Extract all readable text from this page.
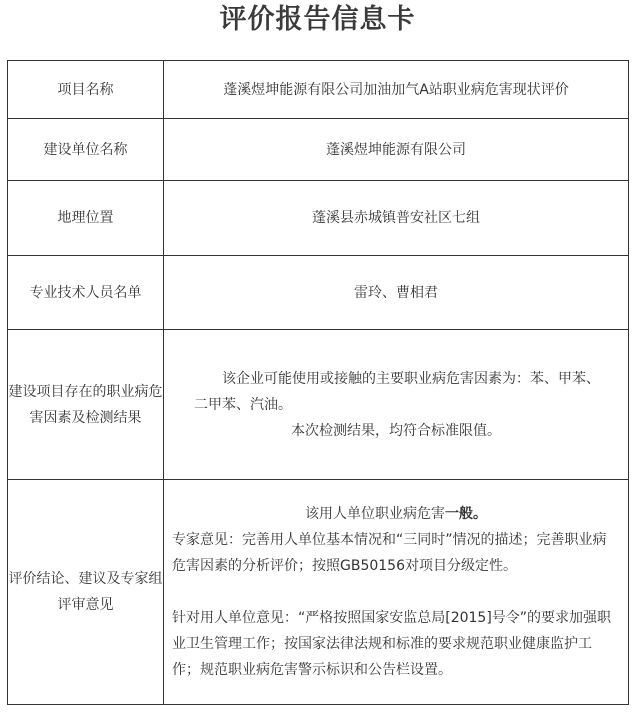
评价报告信息卡
项目名称	蓬溪煜坤能源有限公司加油加气A站职业病危害现状评价
建设单位名称	蓬溪煜坤能源有限公司
地理位置	蓬溪县赤城镇普安社区七组
专业技术人员名单	雷玲、曹相君
建设项目存在的职业病危害因素及检测结果	该企业可能使用或接触的主要职业病危害因素为：苯、甲苯、二甲苯、汽油。
本次检测结果，均符合标准限值。

评价结论、建议及专家组评审意见	该用人单位职业病危害一般。
专家意见：完善用人单位基本情况和“三同时”情况的描述；完善职业病危害因素的分析评价；按照GB50156对项目分级定性。
针对用人单位意见：“严格按照国家安监总局[2015]号令”的要求加强职业卫生管理工作；按国家法律法规和标准的要求规范职业健康监护工作；规范职业病危害警示标识和公告栏设置。
